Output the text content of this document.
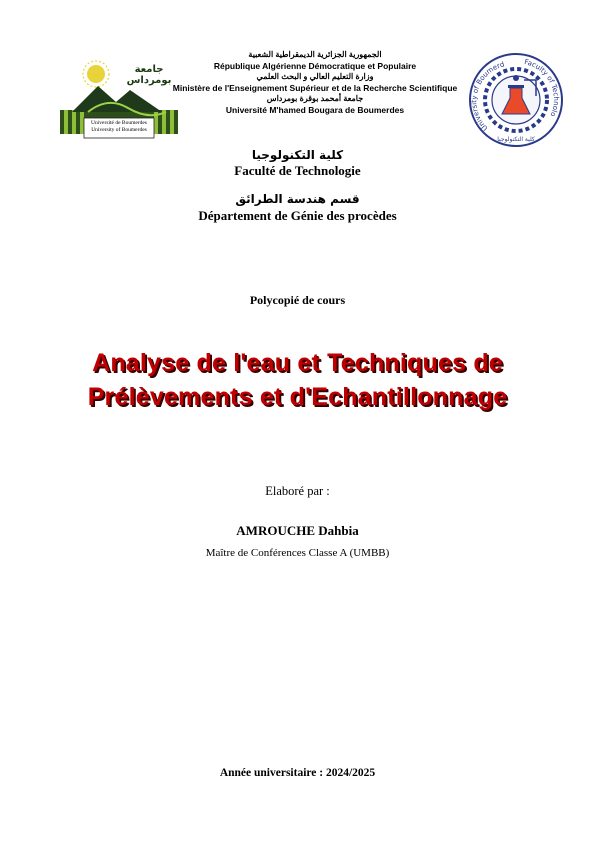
جامعة بومرداس
Université de Boumerdes
University of Boumerdes
الجمهورية الجزائرية الديمقراطية الشعبية
République Algérienne Démocratique et Populaire
وزارة التعليم العالي و البحث العلمي
Ministère de l'Enseignement Supérieur et de la Recherche Scientifique
جامعة أمحمد بوقرة بومرداس
Université M'hamed Bougara de Boumerdes
University of Boumerd	Faculty of Technolo
كلية التكنولوجيا
كلية التكنولوجيا
Faculté de Technologie
قسم هندسة الطرائق
Département de Génie des procèdes
Polycopié de cours
Analyse de l'eau et Techniques de
Prélèvements et d'Echantillonnage
Elaboré par :
AMROUCHE Dahbia
Maître de Conférences Classe A (UMBB)
Année universitaire : 2024/2025
